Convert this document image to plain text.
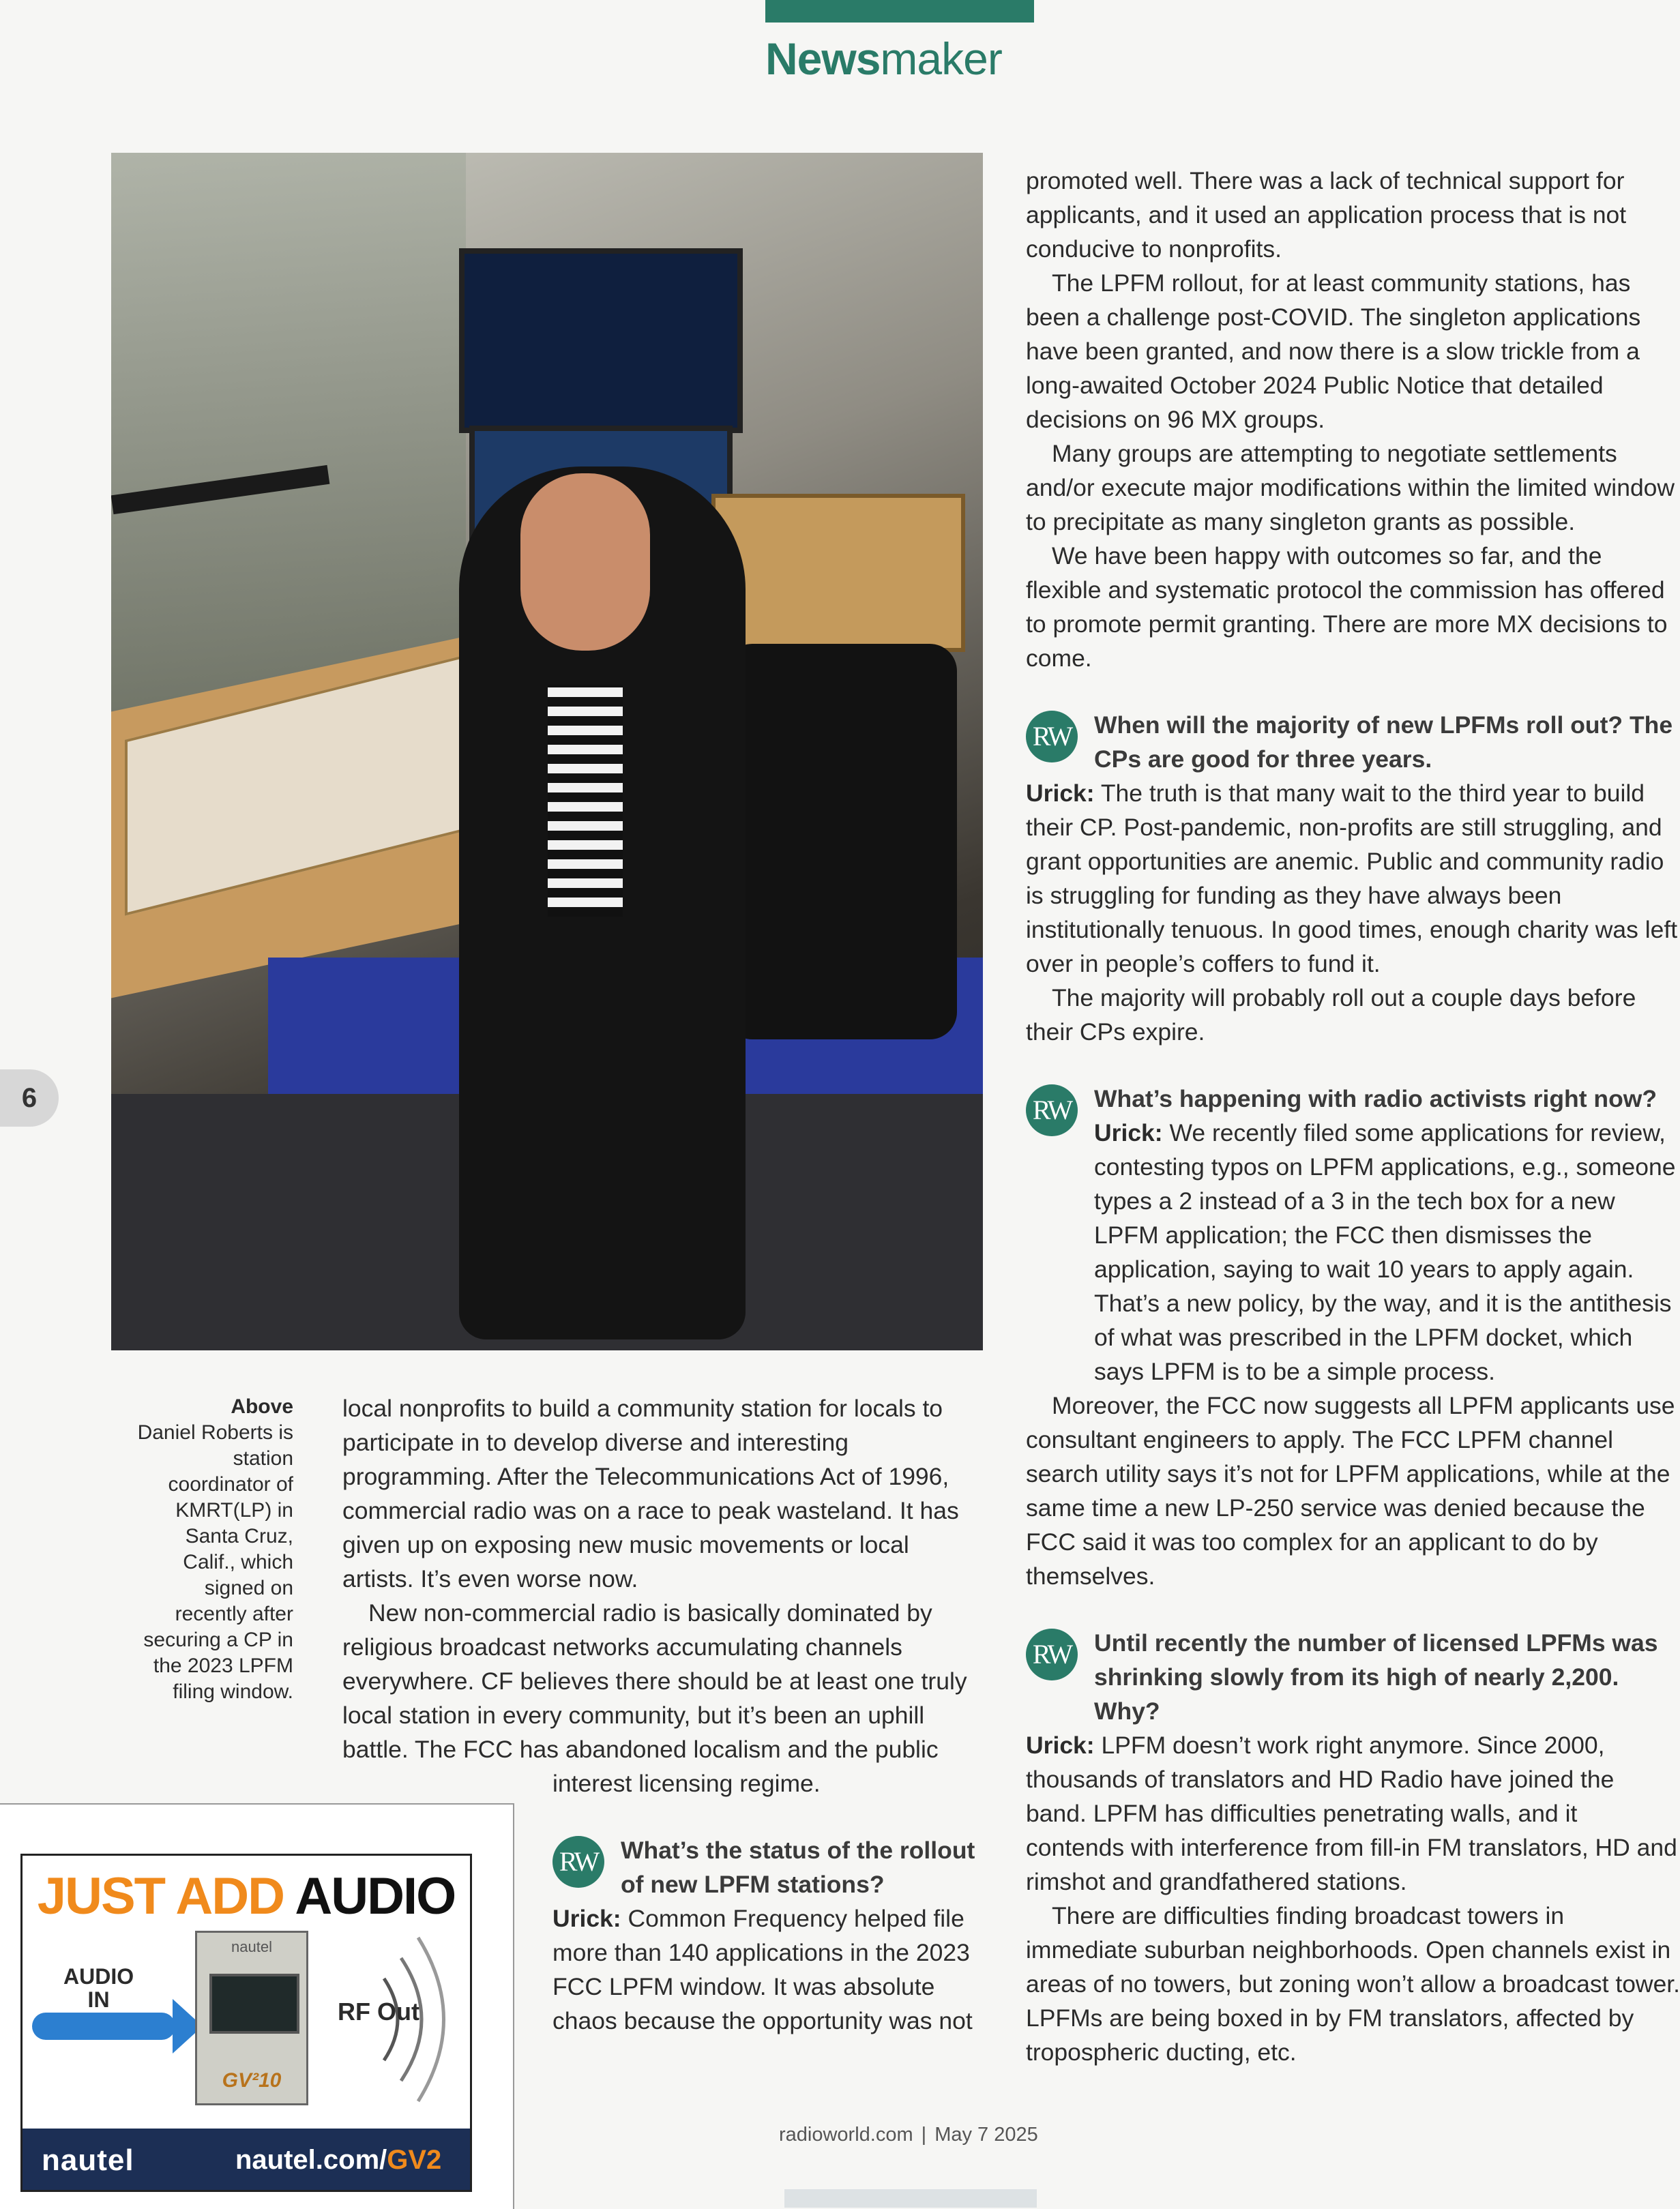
Newsmaker
6
Above
Daniel Roberts is station coordinator of KMRT(LP) in Santa Cruz, Calif., which signed on recently after securing a CP in the 2023 LPFM filing window.

local nonprofits to build a community station for locals to participate in to develop diverse and interesting programming. After the Telecommunications Act of 1996, commercial radio was on a race to peak wasteland. It has given up on exposing new music movements or local artists. It’s even worse now.

New non-commercial radio is basically dominated by religious broadcast networks accumulating channels everywhere. CF believes there should be at least one truly local station in every community, but it’s been an uphill battle. The FCC has abandoned localism and the public

interest licensing regime.
RW What’s the status of the rollout of new LPFM stations?

Urick: Common Frequency helped file more than 140 applications in the 2023 FCC LPFM window. It was absolute chaos because the opportunity was not

promoted well. There was a lack of technical support for applicants, and it used an application process that is not conducive to nonprofits.

The LPFM rollout, for at least community stations, has been a challenge post-COVID. The singleton applications have been granted, and now there is a slow trickle from a long-awaited October 2024 Public Notice that detailed decisions on 96 MX groups.

Many groups are attempting to negotiate settlements and/or execute major modifications within the limited window to precipitate as many singleton grants as possible.

We have been happy with outcomes so far, and the flexible and systematic protocol the commission has offered to promote permit granting. There are more MX decisions to come.

RW When will the majority of new LPFMs roll out? The CPs are good for three years.

Urick: The truth is that many wait to the third year to build their CP. Post-pandemic, non-profits are still struggling, and grant opportunities are anemic. Public and community radio is struggling for funding as they have always been institutionally tenuous. In good times, enough charity was left over in people’s coffers to fund it.

The majority will probably roll out a couple days before their CPs expire.

RW What’s happening with radio activists right now?

Urick: We recently filed some applications for review, contesting typos on LPFM applications, e.g., someone types a 2 instead of a 3 in the tech box for a new LPFM application; the FCC then dismisses the application, saying to wait 10 years to apply again. That’s a new policy, by the way, and it is the antithesis of what was prescribed in the LPFM docket, which says LPFM is to be a simple process.

Moreover, the FCC now suggests all LPFM applicants use consultant engineers to apply. The FCC LPFM channel search utility says it’s not for LPFM applications, while at the same time a new LP-250 service was denied because the FCC said it was too complex for an applicant to do by themselves.

RW Until recently the number of licensed LPFMs was shrinking slowly from its high of nearly 2,200. Why?

Urick: LPFM doesn’t work right anymore. Since 2000, thousands of translators and HD Radio have joined the band. LPFM has difficulties penetrating walls, and it contends with interference from fill-in FM translators, HD and rimshot and grandfathered stations.

There are difficulties finding broadcast towers in immediate suburban neighborhoods. Open channels exist in areas of no towers, but zoning won’t allow a broadcast tower. LPFMs are being boxed in by FM translators, affected by tropospheric ducting, etc.

JUST ADD AUDIO
AUDIO
IN
nautel
GV²10
RF Out
nautel	nautel.com/GV2
radioworld.com | May 7 2025
